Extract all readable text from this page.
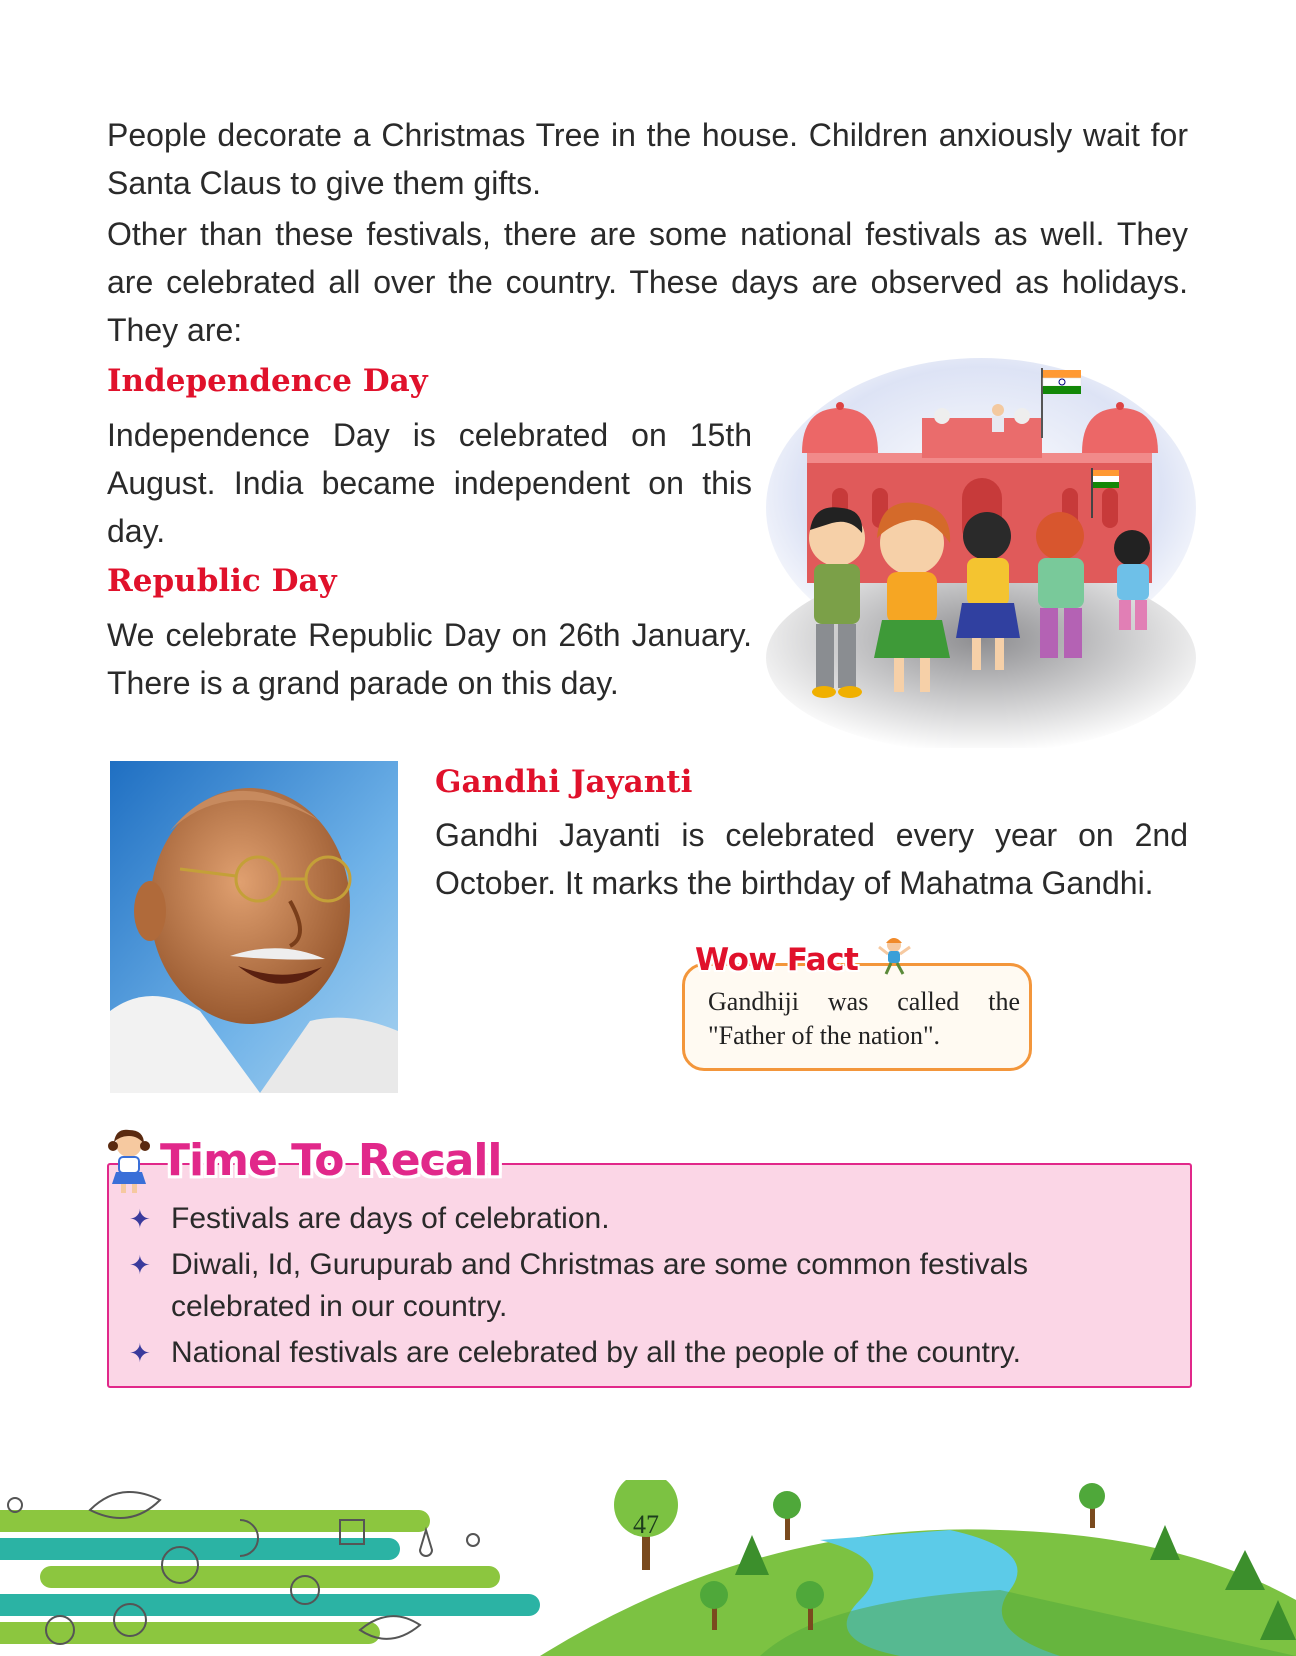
People decorate a Christmas Tree in the house. Children anxiously wait for Santa Claus to give them gifts.

Other than these festivals, there are some national festivals as well. They are celebrated all over the country. These days are observed as holidays. They are:

Independence Day

Independence Day is celebrated on 15th August. India became independent on this day.

Republic Day

We celebrate Republic Day on 26th January. There is a grand parade on this day.

Gandhi Jayanti

Gandhi Jayanti is celebrated every year on 2nd October. It marks the birthday of Mahatma Gandhi.

Wow Fact

Gandhiji was called the "Father of the nation".

Time To Recall
✦ Festivals are days of celebration.
✦ Diwali, Id, Gurupurab and Christmas are some common festivals celebrated in our country.
✦ National festivals are celebrated by all the people of the country.
47
